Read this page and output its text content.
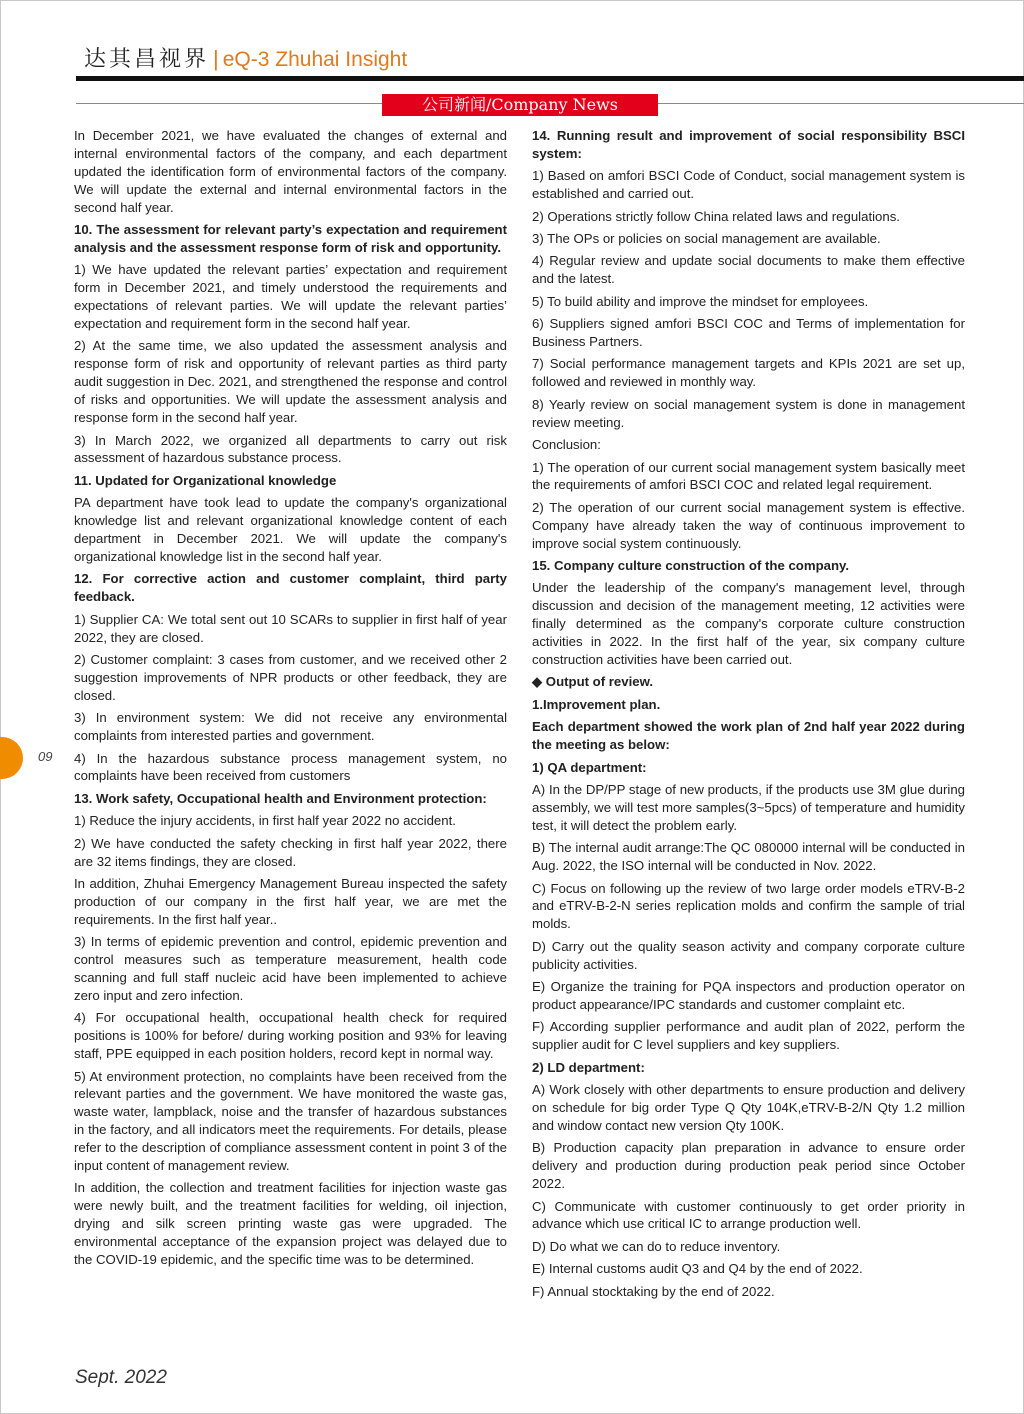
达其昌视界 | eQ-3 Zhuhai Insight
公司新闻/Company News

In December 2021, we have evaluated the changes of external and internal environmental factors of the company, and each department updated the identification form of environmental factors of the company. We will update the external and internal environmental factors in the second half year.

10. The assessment for relevant party’s expectation and requirement analysis and the assessment response form of risk and opportunity.

1) We have updated the relevant parties’ expectation and requirement form in December 2021, and timely understood the requirements and expectations of relevant parties. We will update the relevant parties’ expectation and requirement form in the second half year.

2) At the same time, we also updated the assessment analysis and response form of risk and opportunity of relevant parties as third party audit suggestion in Dec. 2021, and strengthened the response and control of risks and opportunities. We will update the assessment analysis and response form in the second half year.

3) In March 2022, we organized all departments to carry out risk assessment of hazardous substance process.

11. Updated for Organizational knowledge

PA department have took lead to update the company's organizational knowledge list and relevant organizational knowledge content of each department in December 2021. We will update the company's organizational knowledge list in the second half year.

12. For corrective action and customer complaint, third party feedback.

1) Supplier CA: We total sent out 10 SCARs to supplier in first half of year 2022, they are closed.

2) Customer complaint: 3 cases from customer, and we received other 2 suggestion improvements of NPR products or other feedback, they are closed.

3) In environment system: We did not receive any environmental complaints from interested parties and government.

4) In the hazardous substance process management system, no complaints have been received from customers

13. Work safety, Occupational health and Environment protection:

1) Reduce the injury accidents, in first half year 2022 no accident.

2) We have conducted the safety checking in first half year 2022, there are 32 items findings, they are closed.

In addition, Zhuhai Emergency Management Bureau inspected the safety production of our company in the first half year, we are met the requirements. In the first half year..

3) In terms of epidemic prevention and control, epidemic prevention and control measures such as temperature measurement, health code scanning and full staff nucleic acid have been implemented to achieve zero input and zero infection.

4) For occupational health, occupational health check for required positions is 100% for before/ during working position and 93% for leaving staff, PPE equipped in each position holders, record kept in normal way.

5) At environment protection, no complaints have been received from the relevant parties and the government. We have monitored the waste gas, waste water, lampblack, noise and the transfer of hazardous substances in the factory, and all indicators meet the requirements. For details, please refer to the description of compliance assessment content in point 3 of the input content of management review.

In addition, the collection and treatment facilities for injection waste gas were newly built, and the treatment facilities for welding, oil injection, drying and silk screen printing waste gas were upgraded. The environmental acceptance of the expansion project was delayed due to the COVID-19 epidemic, and the specific time was to be determined.

14. Running result and improvement of social responsibility BSCI system:

1) Based on amfori BSCI Code of Conduct, social management system is established and carried out.

2) Operations strictly follow China related laws and regulations.

3) The OPs or policies on social management are available.

4) Regular review and update social documents to make them effective and the latest.

5) To build ability and improve the mindset for employees.

6) Suppliers signed amfori BSCI COC and Terms of implementation for Business Partners.

7) Social performance management targets and KPIs 2021 are set up, followed and reviewed in monthly way.

8) Yearly review on social management system is done in management review meeting.

Conclusion:

1) The operation of our current social management system basically meet the requirements of amfori BSCI COC and related legal requirement.

2) The operation of our current social management system is effective. Company have already taken the way of continuous improvement to improve social system continuously.

15. Company culture construction of the company.

Under the leadership of the company's management level, through discussion and decision of the management meeting, 12 activities were finally determined as the company's corporate culture construction activities in 2022. In the first half of the year, six company culture construction activities have been carried out.

◆ Output of review.

1.Improvement plan.

Each department showed the work plan of 2nd half year 2022 during the meeting as below:

1) QA department:

A) In the DP/PP stage of new products, if the products use 3M glue during assembly, we will test more samples(3~5pcs) of temperature and humidity test, it will detect the problem early.

B) The internal audit arrange:The QC 080000 internal will be conducted in Aug. 2022, the ISO internal will be conducted in Nov. 2022.

C) Focus on following up the review of two large order models eTRV-B-2 and eTRV-B-2-N series replication molds and confirm the sample of trial molds.

D) Carry out the quality season activity and company corporate culture publicity activities.

E) Organize the training for PQA inspectors and production operator on product appearance/IPC standards and customer complaint etc.

F) According supplier performance and audit plan of 2022, perform the supplier audit for C level suppliers and key suppliers.

2) LD department:

A) Work closely with other departments to ensure production and delivery on schedule for big order Type Q Qty 104K,eTRV-B-2/N Qty 1.2 million and window contact new version Qty 100K.

B) Production capacity plan preparation in advance to ensure order delivery and production during production peak period since October 2022.

C) Communicate with customer continuously to get order priority in advance which use critical IC to arrange production well.

D) Do what we can do to reduce inventory.

E) Internal customs audit Q3 and Q4 by the end of 2022.

F) Annual stocktaking by the end of 2022.

09
Sept. 2022
